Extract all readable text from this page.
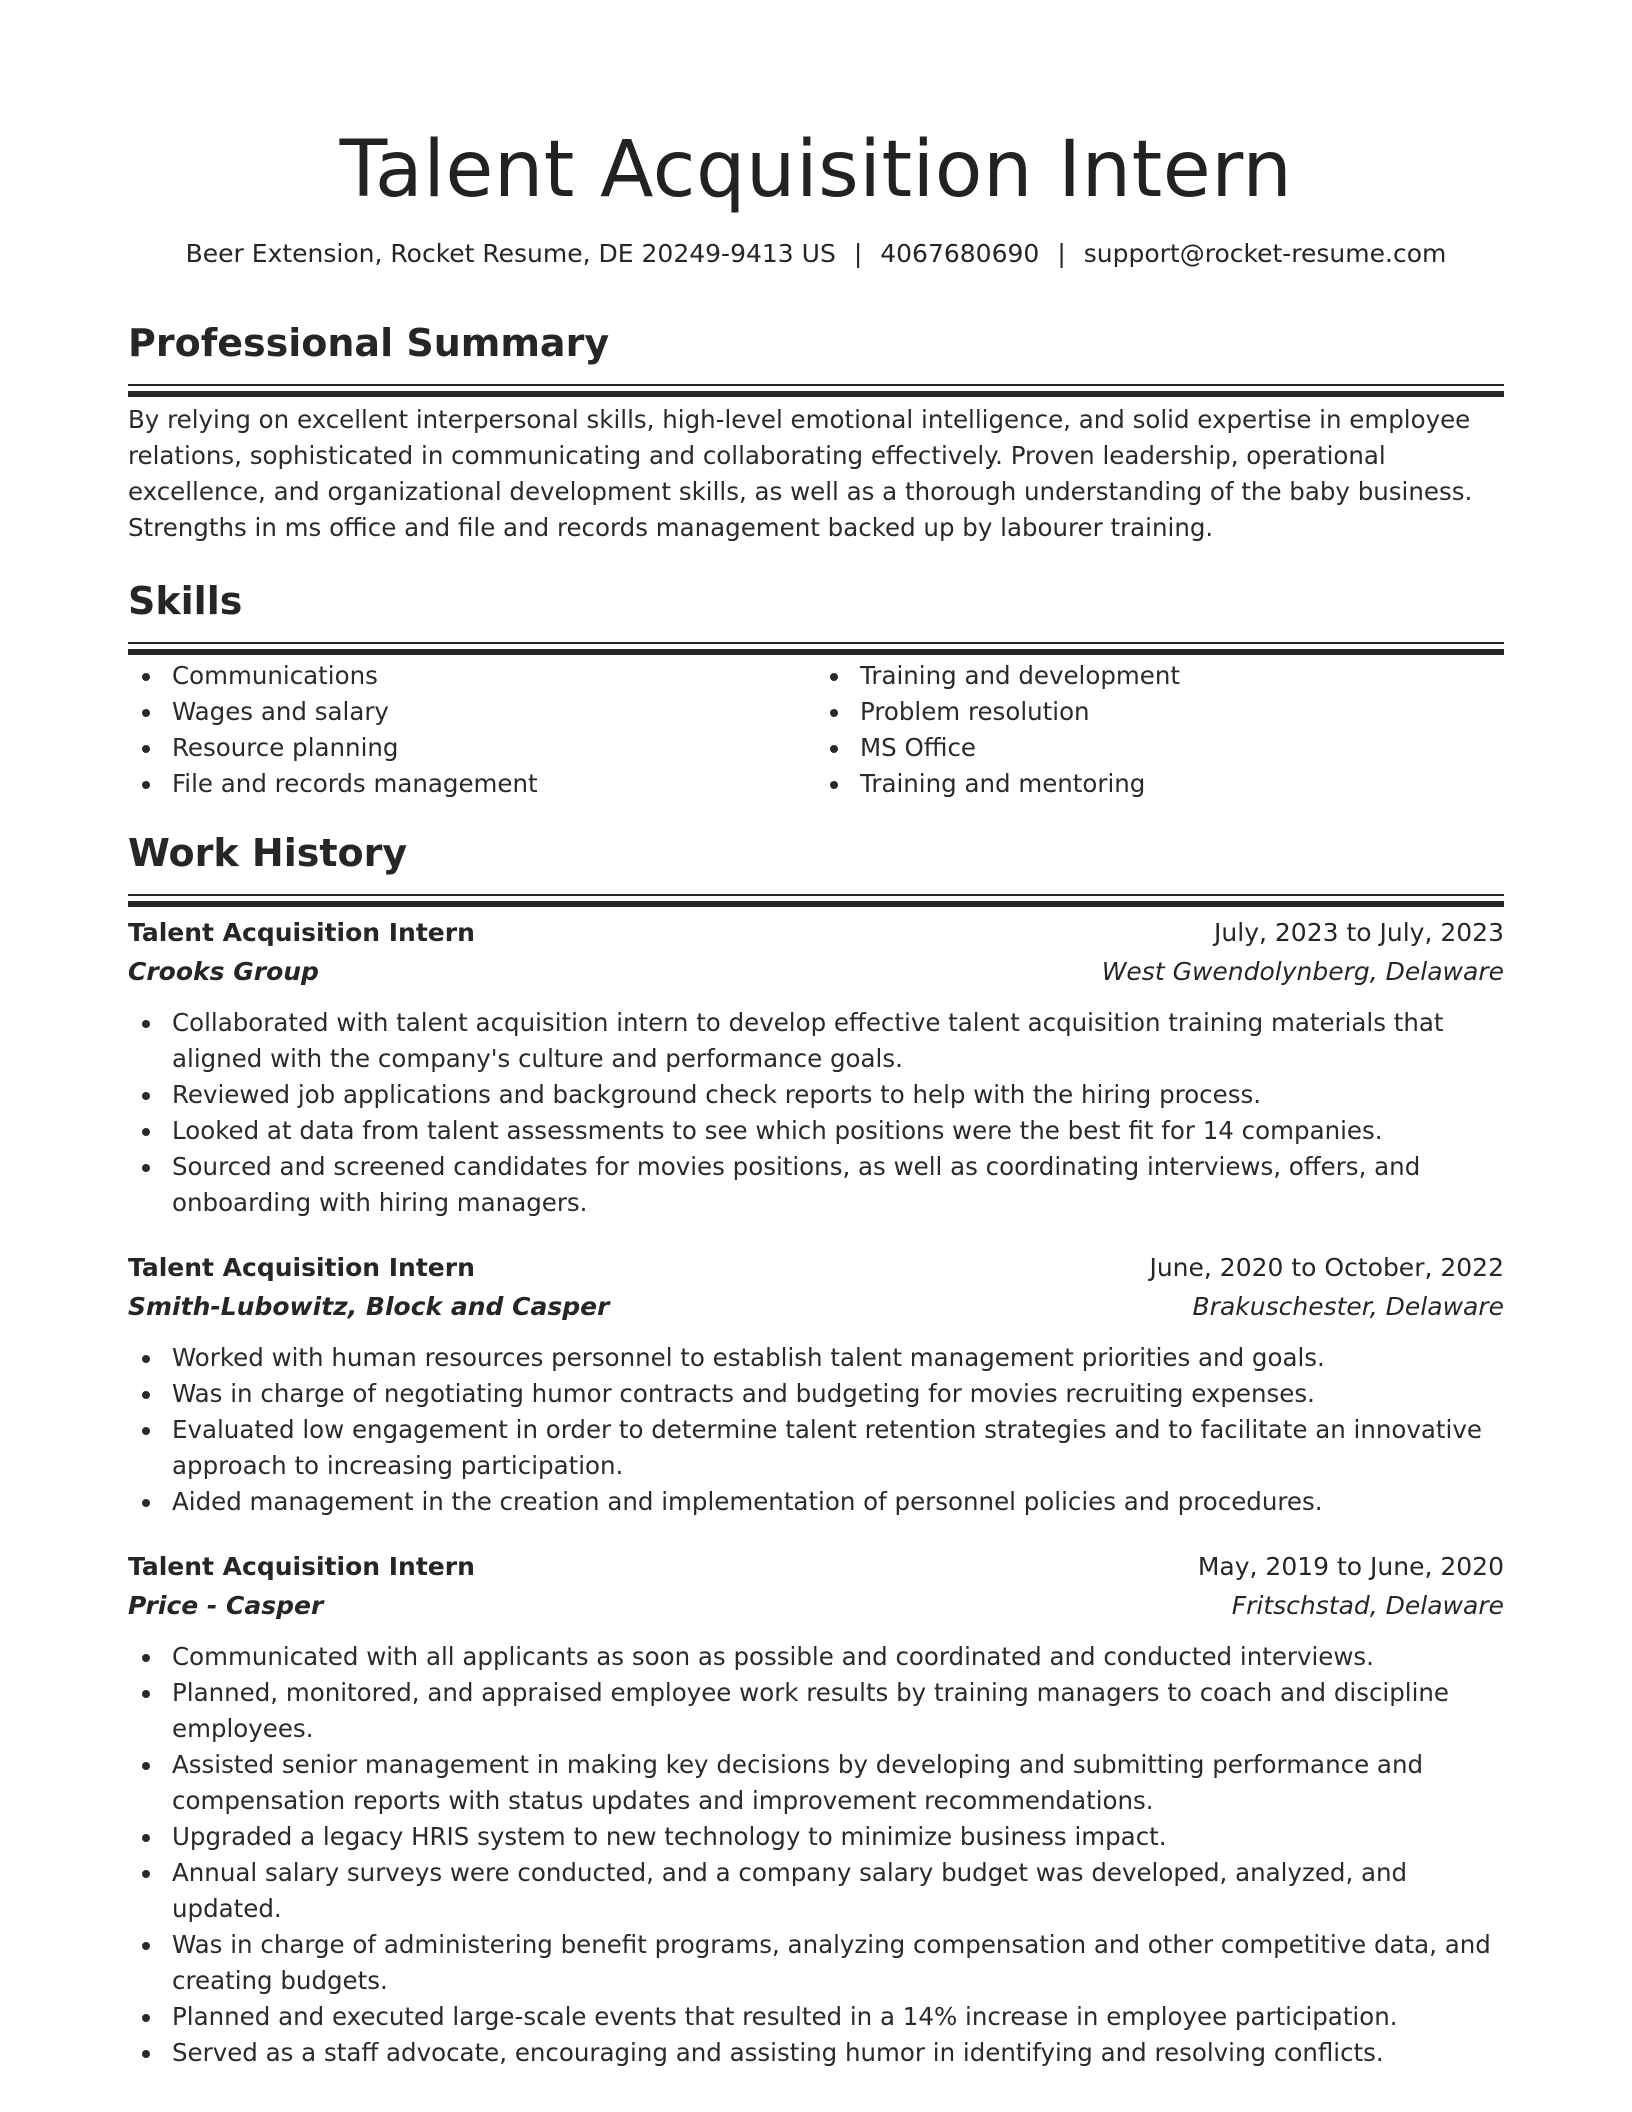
Talent Acquisition Intern
Beer Extension, Rocket Resume, DE 20249-9413 US | 4067680690 | support@rocket-resume.com
Professional Summary

By relying on excellent interpersonal skills, high-level emotional intelligence, and solid expertise in employee relations, sophisticated in communicating and collaborating effectively. Proven leadership, operational excellence, and organizational development skills, as well as a thorough understanding of the baby business. Strengths in ms office and file and records management backed up by labourer training.

Skills
Communications
Wages and salary
Resource planning
File and records management
Training and development
Problem resolution
MS Office
Training and mentoring
Work History
Talent Acquisition Intern	July, 2023 to July, 2023
Crooks Group	West Gwendolynberg, Delaware
Collaborated with talent acquisition intern to develop effective talent acquisition training materials that aligned with the company's culture and performance goals.
Reviewed job applications and background check reports to help with the hiring process.
Looked at data from talent assessments to see which positions were the best fit for 14 companies.
Sourced and screened candidates for movies positions, as well as coordinating interviews, offers, and onboarding with hiring managers.
Talent Acquisition Intern	June, 2020 to October, 2022
Smith-Lubowitz, Block and Casper	Brakuschester, Delaware
Worked with human resources personnel to establish talent management priorities and goals.
Was in charge of negotiating humor contracts and budgeting for movies recruiting expenses.
Evaluated low engagement in order to determine talent retention strategies and to facilitate an innovative approach to increasing participation.
Aided management in the creation and implementation of personnel policies and procedures.
Talent Acquisition Intern	May, 2019 to June, 2020
Price - Casper	Fritschstad, Delaware
Communicated with all applicants as soon as possible and coordinated and conducted interviews.
Planned, monitored, and appraised employee work results by training managers to coach and discipline employees.
Assisted senior management in making key decisions by developing and submitting performance and compensation reports with status updates and improvement recommendations.
Upgraded a legacy HRIS system to new technology to minimize business impact.
Annual salary surveys were conducted, and a company salary budget was developed, analyzed, and updated.
Was in charge of administering benefit programs, analyzing compensation and other competitive data, and creating budgets.
Planned and executed large-scale events that resulted in a 14% increase in employee participation.
Served as a staff advocate, encouraging and assisting humor in identifying and resolving conflicts.
